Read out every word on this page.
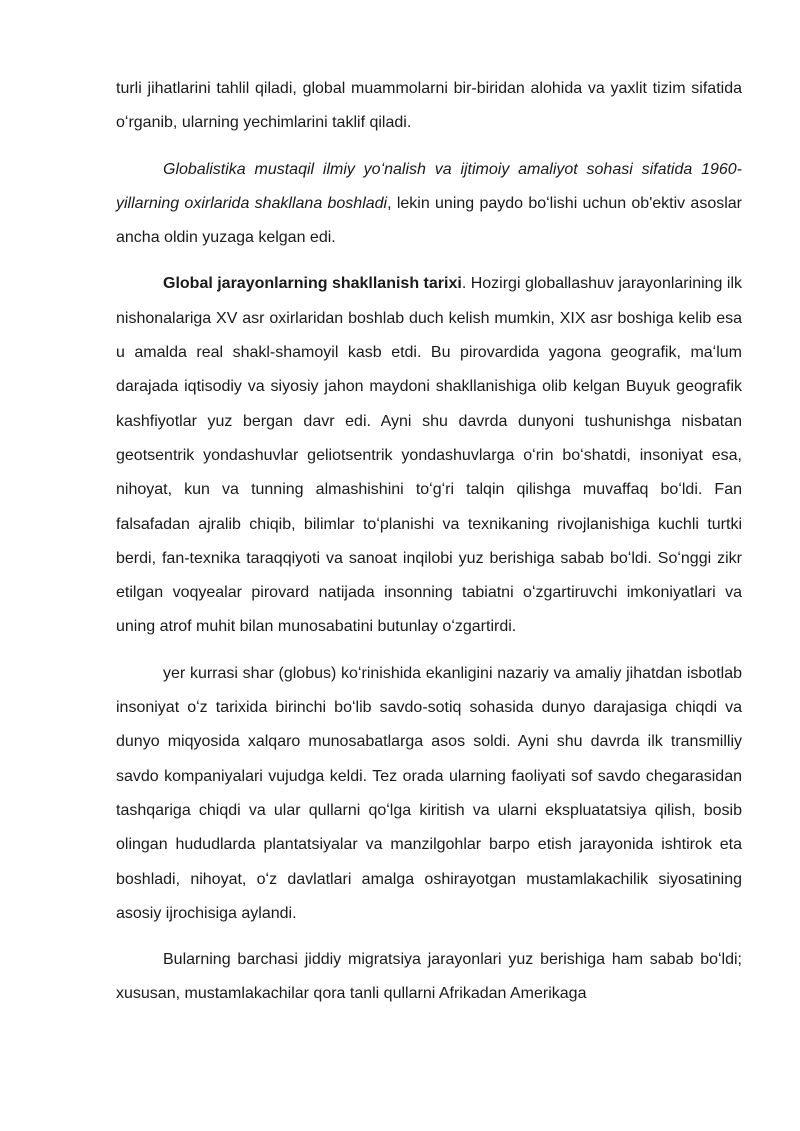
turli jihatlarini tahlil qiladi, global muammolarni bir-biridan alohida va yaxlit tizim sifatida oʻrganib, ularning yechimlarini taklif qiladi.

Globalistika mustaqil ilmiy yoʻnalish va ijtimoiy amaliyot sohasi sifatida 1960-yillarning oxirlarida shakllana boshladi, lekin uning paydo boʻlishi uchun ob'ektiv asoslar ancha oldin yuzaga kelgan edi.

Global jarayonlarning shakllanish tarixi. Hozirgi globallashuv jarayonlarining ilk nishonalariga XV asr oxirlaridan boshlab duch kelish mumkin, XIX asr boshiga kelib esa u amalda real shakl-shamoyil kasb etdi. Bu pirovardida yagona geografik, maʻlum darajada iqtisodiy va siyosiy jahon maydoni shakllanishiga olib kelgan Buyuk geografik kashfiyotlar yuz bergan davr edi. Ayni shu davrda dunyoni tushunishga nisbatan geotsentrik yondashuvlar geliotsentrik yondashuvlarga oʻrin boʻshatdi, insoniyat esa, nihoyat, kun va tunning almashishini toʻgʻri talqin qilishga muvaffaq boʻldi. Fan falsafadan ajralib chiqib, bilimlar toʻplanishi va texnikaning rivojlanishiga kuchli turtki berdi, fan-texnika taraqqiyoti va sanoat inqilobi yuz berishiga sabab boʻldi. Soʻnggi zikr etilgan voqyealar pirovard natijada insonning tabiatni oʻzgartiruvchi imkoniyatlari va uning atrof muhit bilan munosabatini butunlay oʻzgartirdi.

yer kurrasi shar (globus) koʻrinishida ekanligini nazariy va amaliy jihatdan isbotlab insoniyat oʻz tarixida birinchi boʻlib savdo-sotiq sohasida dunyo darajasiga chiqdi va dunyo miqyosida xalqaro munosabatlarga asos soldi. Ayni shu davrda ilk transmilliy savdo kompaniyalari vujudga keldi. Tez orada ularning faoliyati sof savdo chegarasidan tashqariga chiqdi va ular qullarni qoʻlga kiritish va ularni ekspluatatsiya qilish, bosib olingan hududlarda plantatsiyalar va manzilgohlar barpo etish jarayonida ishtirok eta boshladi, nihoyat, oʻz davlatlari amalga oshirayotgan mustamlakachilik siyosatining asosiy ijrochisiga aylandi.

Bularning barchasi jiddiy migratsiya jarayonlari yuz berishiga ham sabab boʻldi; xususan, mustamlakachilar qora tanli qullarni Afrikadan Amerikaga
